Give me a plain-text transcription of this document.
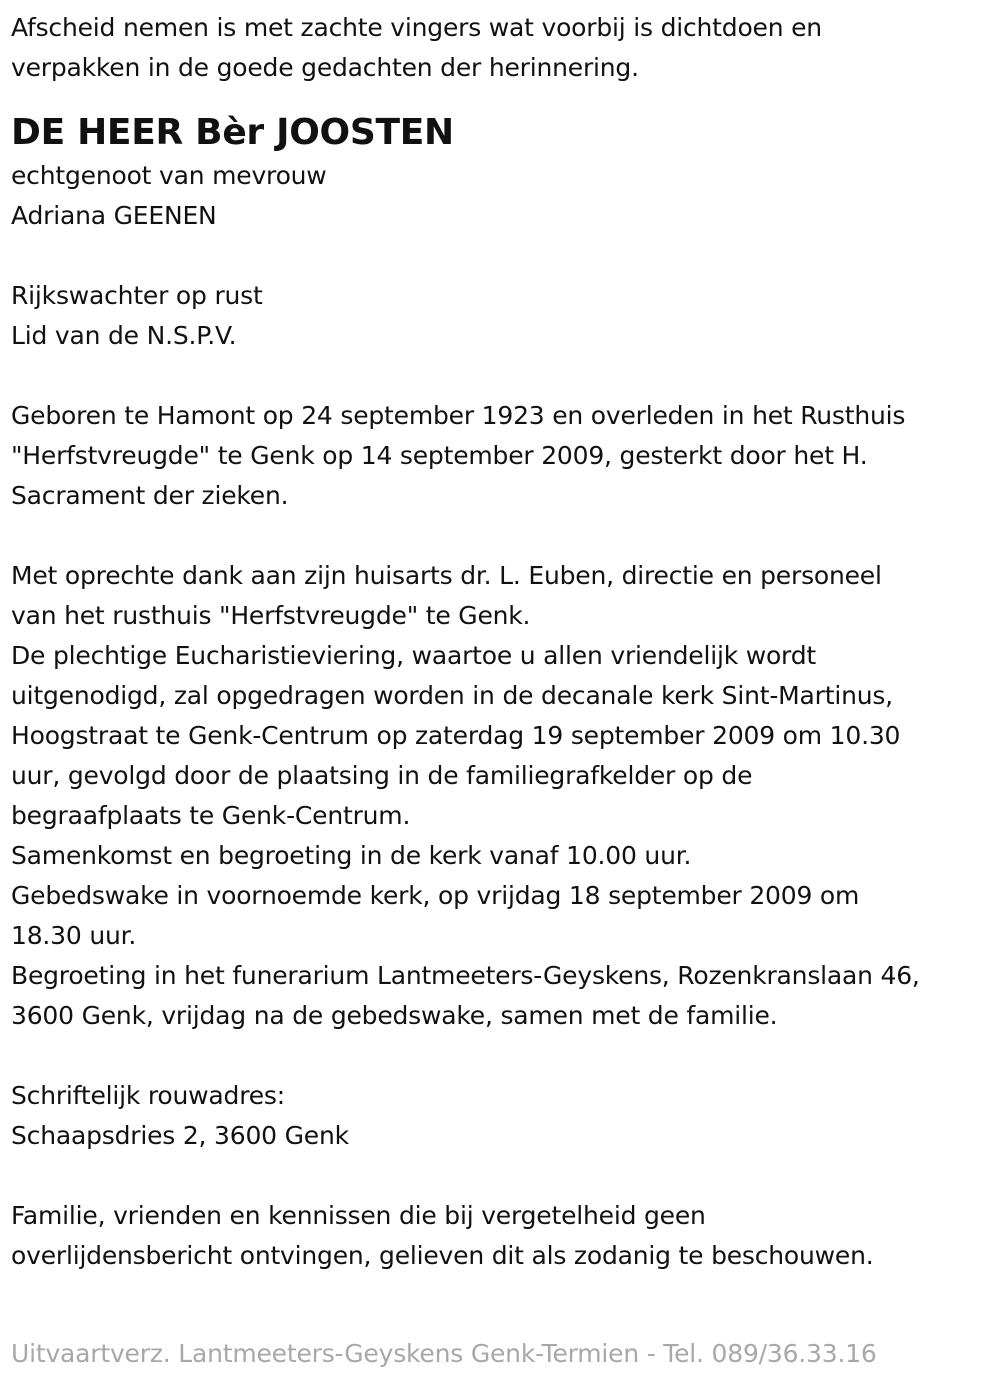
Afscheid nemen is met zachte vingers wat voorbij is dichtdoen en
verpakken in de goede gedachten der herinnering.
DE HEER Bèr JOOSTEN
echtgenoot van mevrouw
Adriana GEENEN
Rijkswachter op rust
Lid van de N.S.P.V.
Geboren te Hamont op 24 september 1923 en overleden in het Rusthuis
"Herfstvreugde" te Genk op 14 september 2009, gesterkt door het H.
Sacrament der zieken.
Met oprechte dank aan zijn huisarts dr. L. Euben, directie en personeel
van het rusthuis "Herfstvreugde" te Genk.
De plechtige Eucharistieviering, waartoe u allen vriendelijk wordt
uitgenodigd, zal opgedragen worden in de decanale kerk Sint-Martinus,
Hoogstraat te Genk-Centrum op zaterdag 19 september 2009 om 10.30
uur, gevolgd door de plaatsing in de familiegrafkelder op de
begraafplaats te Genk-Centrum.
Samenkomst en begroeting in de kerk vanaf 10.00 uur.
Gebedswake in voornoemde kerk, op vrijdag 18 september 2009 om
18.30 uur.
Begroeting in het funerarium Lantmeeters-Geyskens, Rozenkranslaan 46,
3600 Genk, vrijdag na de gebedswake, samen met de familie.
Schriftelijk rouwadres:
Schaapsdries 2, 3600 Genk
Familie, vrienden en kennissen die bij vergetelheid geen
overlijdensbericht ontvingen, gelieven dit als zodanig te beschouwen.
Uitvaartverz. Lantmeeters-Geyskens Genk-Termien - Tel. 089/36.33.16
